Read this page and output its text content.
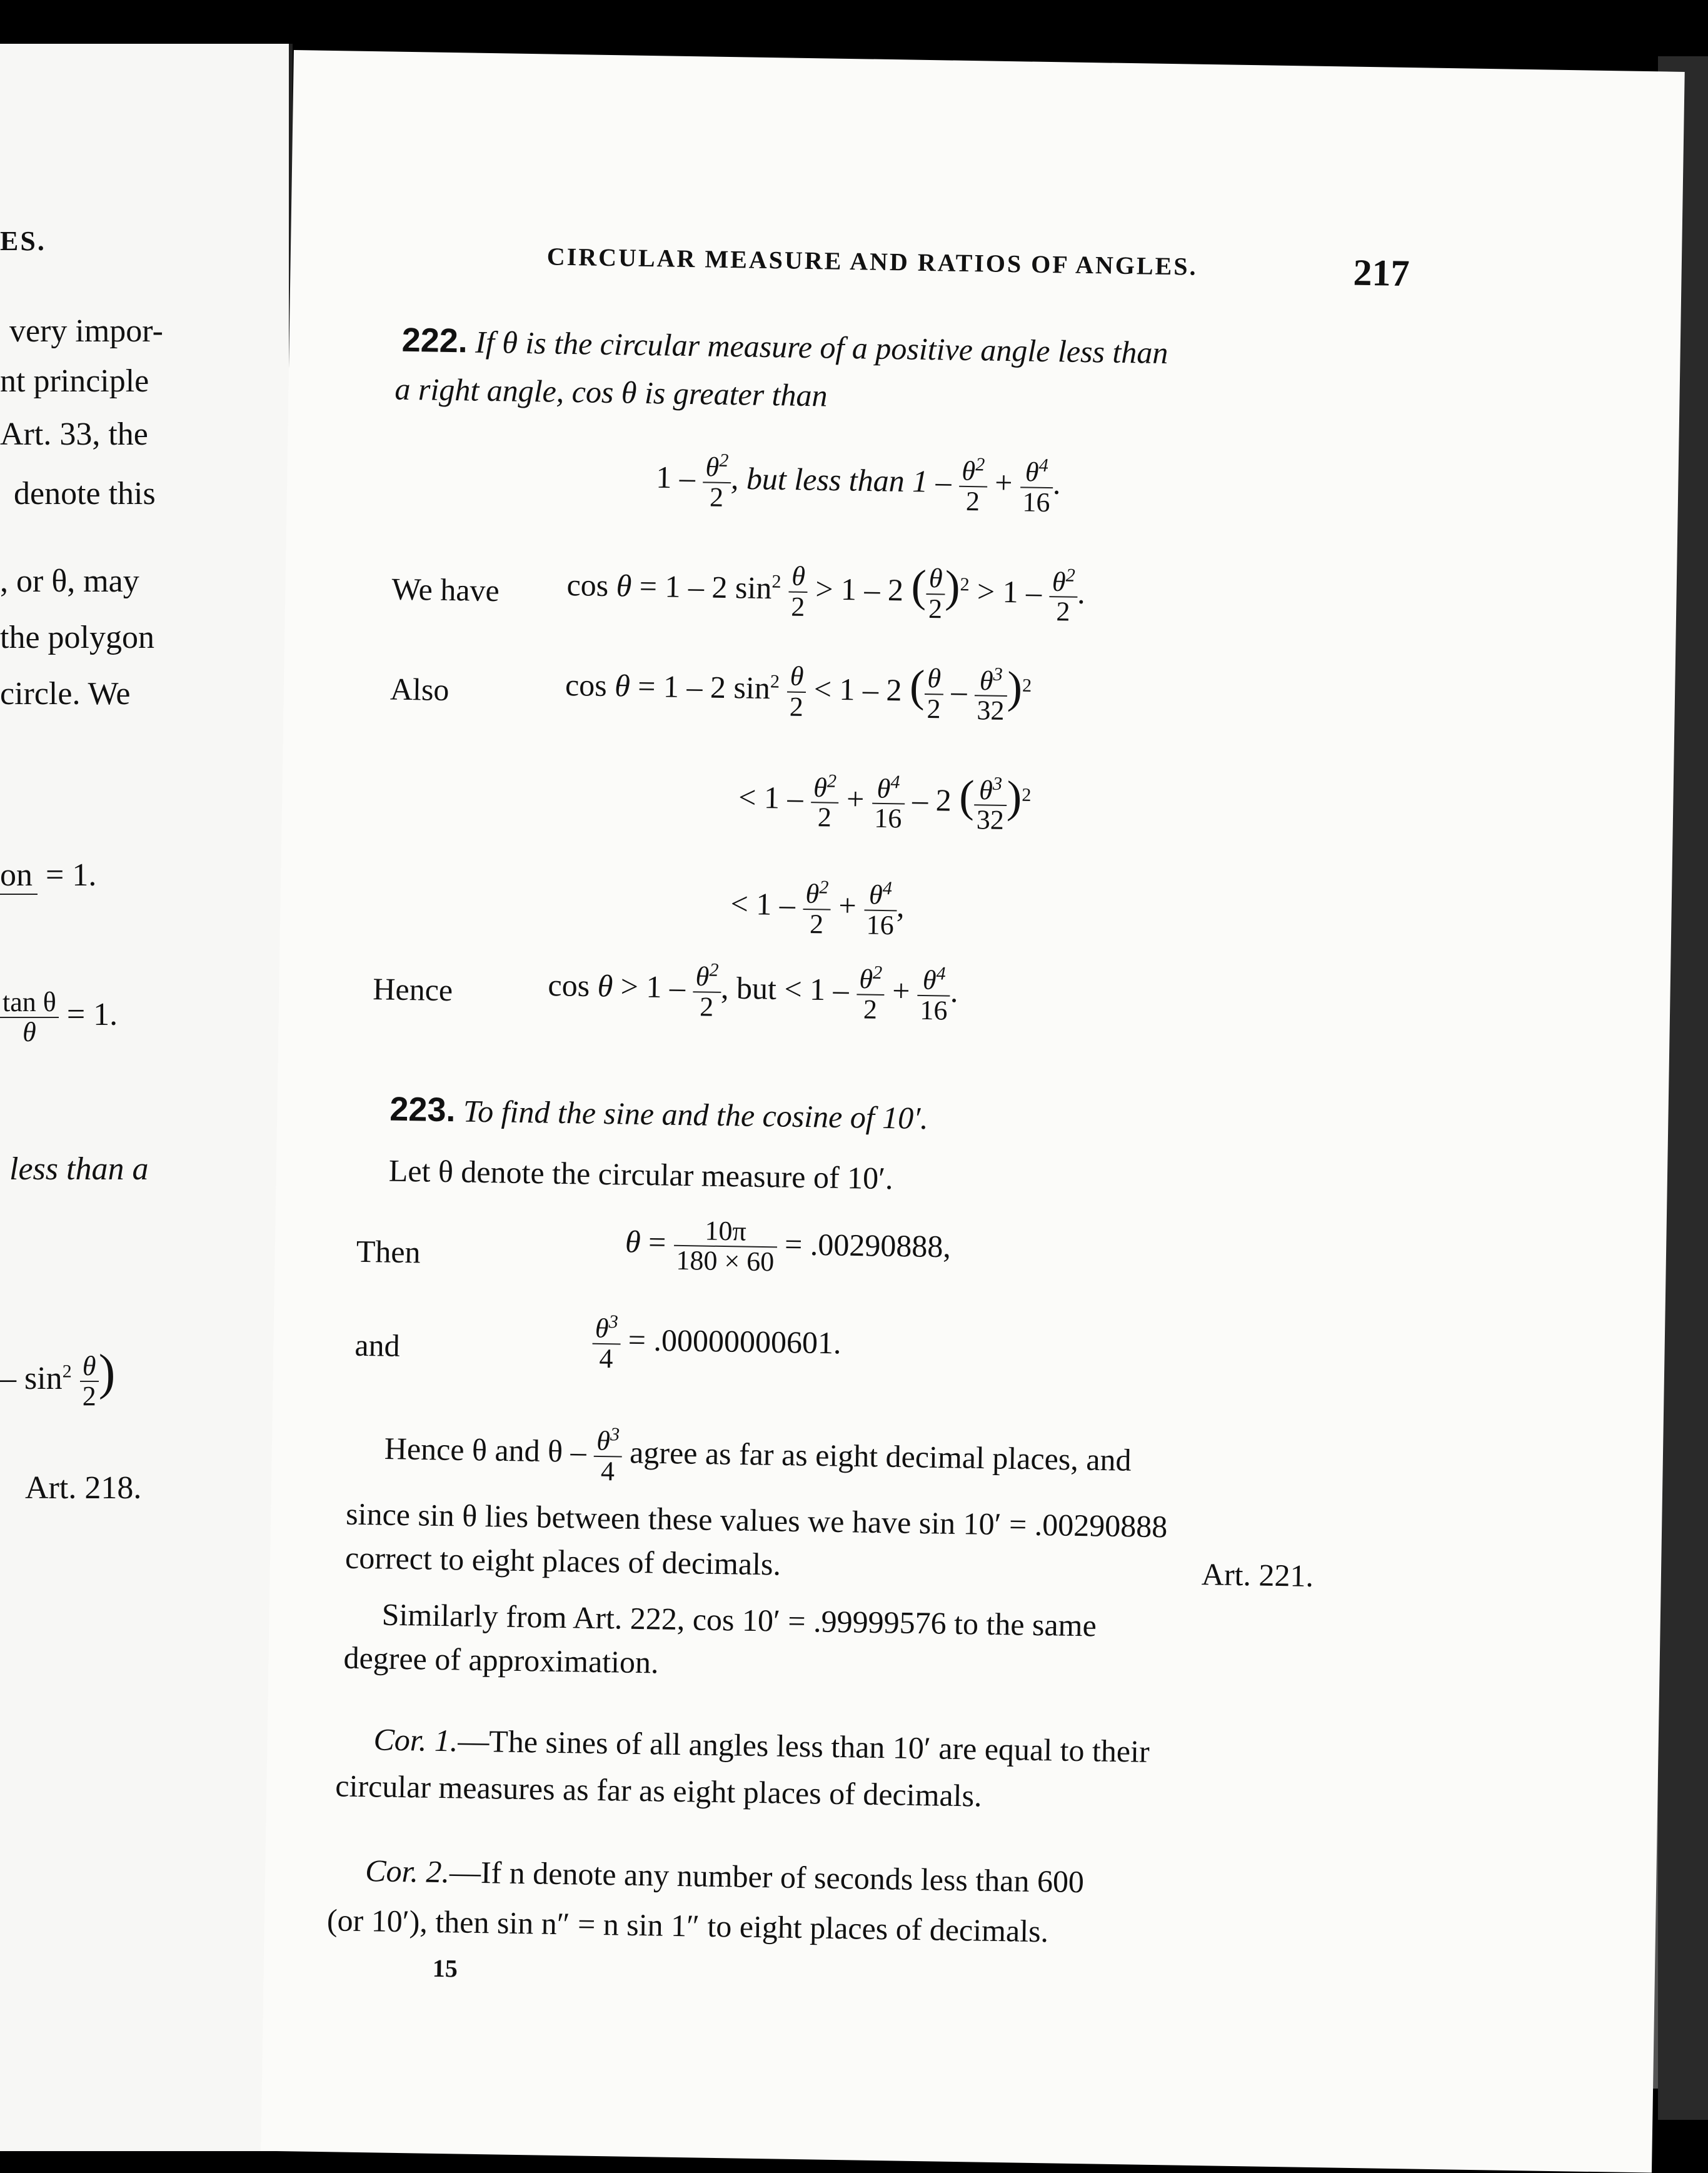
ES.
very impor-
nt principle
Art. 33, the
denote this
, or θ, may
the polygon
circle. We
on = 1.
$\frac{\text{tan θ}}{\theta} = 1$.
less than a
– $\sin^2 \frac{\theta}{2}$ )
Art. 218.
CIRCULAR MEASURE AND RATIOS OF ANGLES.	217
222. If θ is the circular measure of a positive angle less than
a right angle, cos θ is greater than
$1 - \frac{\theta^2}{2}$
, but less than $1 - \frac{\theta^2}{2}$
+
$\frac{\theta^4}{16}$
.
We have cos θ = 1 – 2 $\sin^2 \frac{\theta}{2}$
> 1 – 2 (
$\frac{\theta}{2}$
)$^2$ > 1 –
$\frac{\theta^2}{2}$
.
Also	cos θ = 1 – 2 $\sin^2 \frac{\theta}{2}$
< 1 – 2 (
$\frac{\theta}{2}$
–
$\frac{\theta^3}{32}$
)$^2$
< 1 –
$\frac{\theta^2}{2}$
+
$\frac{\theta^4}{16}$
– 2 (
$\frac{\theta^3}{32}$
)$^2$
< 1 –
$\frac{\theta^2}{2}$
+
$\frac{\theta^4}{16}$
,
Hence	cos θ > 1 –
$\frac{\theta^2}{2}$
, but < $1 - \frac{\theta^2}{2}$
+
$\frac{\theta^4}{16}$
.
223. To find the sine and the cosine of 10′.
Let θ denote the circular measure of 10′.
Then	θ =
$\frac{10\pi}{180 \times 60} = .00290888$,
and	$\frac{\theta^3}{4} = .00000000601$.
Hence θ and θ – $\frac{\theta^3}{4}$ agree as far as eight decimal places, and
since sin θ lies between these values we have sin 10′ = .00290888
correct to eight places of decimals.	Art. 221.
Similarly from Art. 222, cos 10′ = .99999576 to the same
degree of approximation.
Cor. 1.—The sines of all angles less than 10′ are equal to their
circular measures as far as eight places of decimals.
Cor. 2.—If n denote any number of seconds less than 600
(or 10′), then sin n″ = n sin 1″ to eight places of decimals.
15
